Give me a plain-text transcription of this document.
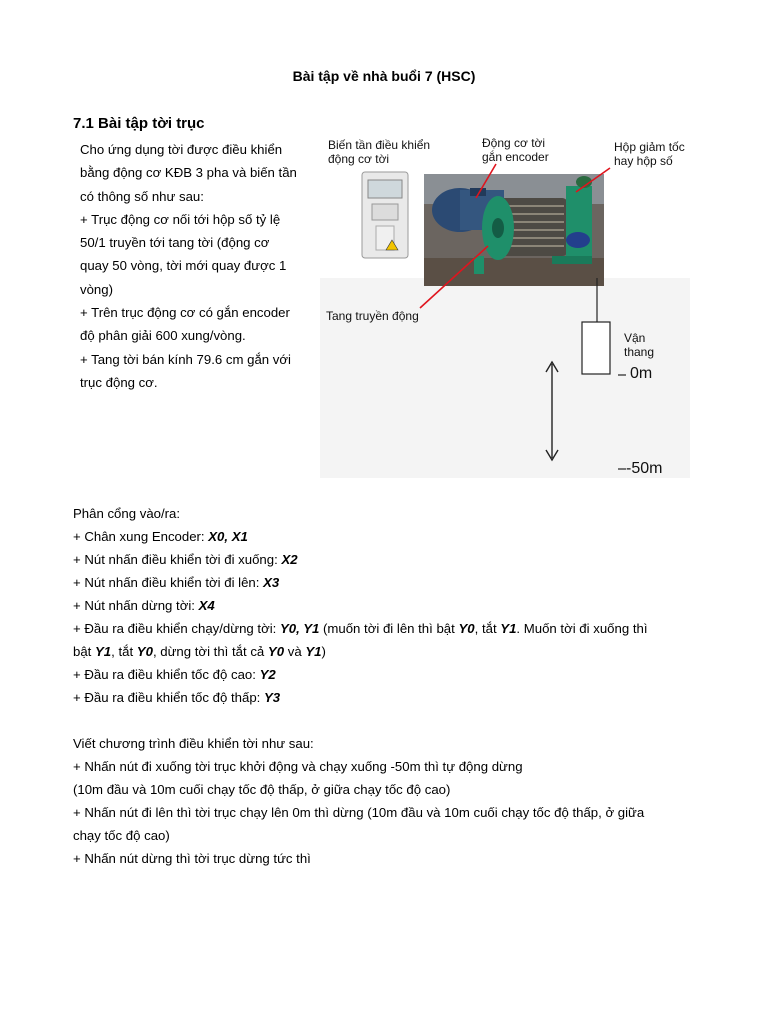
Bài tập về nhà buổi 7 (HSC)
7.1 Bài tập tời trục

Cho ứng dụng tời được điều khiển

bằng động cơ KĐB 3 pha và biến tần

có thông số như sau:

+ Trục động cơ nối tới hộp số tỷ lệ

50/1 truyền tới tang tời (động cơ

quay 50 vòng, tời mới quay được 1

vòng)

+ Trên trục động cơ có gắn encoder

độ phân giải 600 xung/vòng.

+ Tang tời bán kính 79.6 cm gắn với

trục động cơ.

Biến tần điều khiển
động cơ tời
Động cơ tời
gắn encoder
Hộp giảm tốc
hay hộp số
Tang truyền động
Vận
thang
0m
-50m

Phân cổng vào/ra:

+ Chân xung Encoder: X0, X1

+ Nút nhấn điều khiển tời đi xuống: X2

+ Nút nhấn điều khiển tời đi lên: X3

+ Nút nhấn dừng tời: X4

+ Đầu ra điều khiển chạy/dừng tời: Y0, Y1 (muốn tời đi lên thì bật Y0, tắt Y1. Muốn tời đi xuống thì

bật Y1, tắt Y0, dừng tời thì tắt cả Y0 và Y1)

+ Đầu ra điều khiển tốc độ cao: Y2

+ Đầu ra điều khiển tốc độ thấp: Y3

Viết chương trình điều khiển tời như sau:

+ Nhấn nút đi xuống tời trục khởi động và chạy xuống -50m thì tự động dừng

(10m đầu và 10m cuối chạy tốc độ thấp, ở giữa chạy tốc độ cao)

+ Nhấn nút đi lên thì tời trục chạy lên 0m thì dừng (10m đầu và 10m cuối chạy tốc độ thấp, ở giữa

chạy tốc độ cao)

+ Nhấn nút dừng thì tời trục dừng tức thì
